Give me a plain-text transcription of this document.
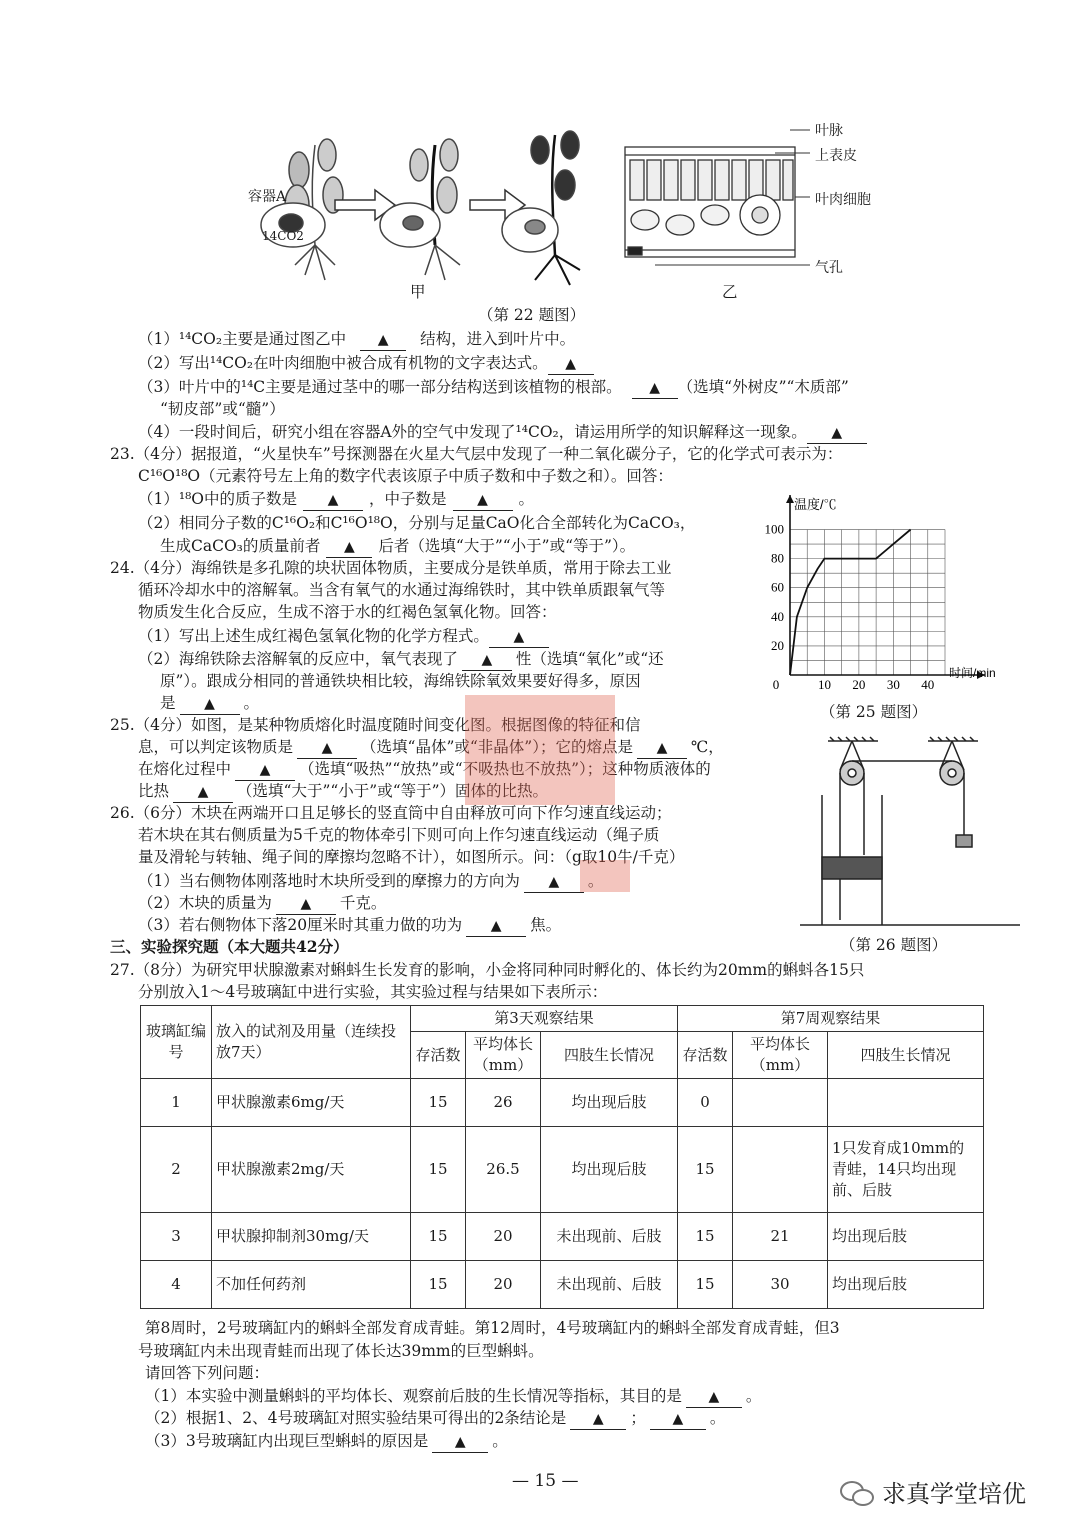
容器A
14CO2
叶脉
上表皮
叶肉细胞
气孔
甲	乙
（第 22 题图）
（1）¹⁴CO₂主要是通过图乙中 ▲	结构，进入到叶片中。
（2）写出¹⁴CO₂在叶肉细胞中被合成有机物的文字表达式。▲
（3）叶片中的¹⁴C主要是通过茎中的哪一部分结构送到该植物的根部。 ▲	（选填“外树皮”“木质部”
“韧皮部”或“髓”）
（4）一段时间后，研究小组在容器A外的空气中发现了¹⁴CO₂，请运用所学的知识解释这一现象。▲
23.（4分）据报道，“火星快车”号探测器在火星大气层中发现了一种二氧化碳分子，它的化学式可表示为：
C¹⁶O¹⁸O（元素符号左上角的数字代表该原子中质子数和中子数之和）。回答：
（1）¹⁸O中的质子数是 ▲	，中子数是 ▲	。
（2）相同分子数的C¹⁶O₂和C¹⁶O¹⁸O，分别与足量CaO化合全部转化为CaCO₃，
生成CaCO₃的质量前者 ▲	后者（选填“大于”“小于”或“等于”）。
24.（4分）海绵铁是多孔隙的块状固体物质，主要成分是铁单质，常用于除去工业
循环冷却水中的溶解氧。当含有氧气的水通过海绵铁时，其中铁单质跟氧气等
物质发生化合反应，生成不溶于水的红褐色氢氧化物。回答：
（1）写出上述生成红褐色氢氧化物的化学方程式。▲
（2）海绵铁除去溶解氧的反应中，氧气表现了 ▲	性（选填“氧化”或“还
原”）。跟成分相同的普通铁块相比较，海绵铁除氧效果要好得多，原因
是 ▲	。
25.（4分）如图，是某种物质熔化时温度随时间变化图。根据图像的特征和信
息，可以判定该物质是 ▲	（选填“晶体”或“非晶体”）；它的熔点是 ▲	℃，
在熔化过程中 ▲	（选填“吸热”“放热”或“不吸热也不放热”）；这种物质液体的
比热 ▲	（选填“大于”“小于”或“等于”）固体的比热。
26.（6分）木块在两端开口且足够长的竖直筒中自由释放可向下作匀速直线运动；
若木块在其右侧质量为5千克的物体牵引下则可向上作匀速直线运动（绳子质
量及滑轮与转轴、绳子间的摩擦均忽略不计），如图所示。问：（g取10牛/千克）
（1）当右侧物体刚落地时木块所受到的摩擦力的方向为 ▲	。
（2）木块的质量为 ▲	千克。
（3）若右侧物体下落20厘米时其重力做的功为 ▲	焦。
三、实验探究题（本大题共42分）
27.（8分）为研究甲状腺激素对蝌蚪生长发育的影响，小金将同种同时孵化的、体长约为20mm的蝌蚪各15只
分别放入1～4号玻璃缸中进行实验，其实验过程与结果如下表所示：
0	10 20 30 40
20
40
60
80
100
时间/min
温度/℃
（第 25 题图）
（第 26 题图）
玻璃缸编号	放入的试剂及用量（连续投放7天）	第3天观察结果			第7周观察结果		
		存活数	平均体长（mm）	四肢生长情况	存活数	平均体长（mm）	四肢生长情况
1	甲状腺激素6mg/天	15	26	均出现后肢	0		
2	甲状腺激素2mg/天	15	26.5	均出现后肢	15		1只发育成10mm的青蛙，14只均出现前、后肢
3	甲状腺抑制剂30mg/天	15	20	未出现前、后肢	15	21	均出现后肢
4	不加任何药剂	15	20	未出现前、后肢	15	30	均出现后肢
第8周时，2号玻璃缸内的蝌蚪全部发育成青蛙。第12周时，4号玻璃缸内的蝌蚪全部发育成青蛙，但3
号玻璃缸内未出现青蛙而出现了体长达39mm的巨型蝌蚪。
请回答下列问题：
（1）本实验中测量蝌蚪的平均体长、观察前后肢的生长情况等指标，其目的是 ▲	。
（2）根据1、2、4号玻璃缸对照实验结果可得出的2条结论是 ▲	； ▲	。
（3）3号玻璃缸内出现巨型蝌蚪的原因是 ▲	。
— 15 —	求真学堂培优
